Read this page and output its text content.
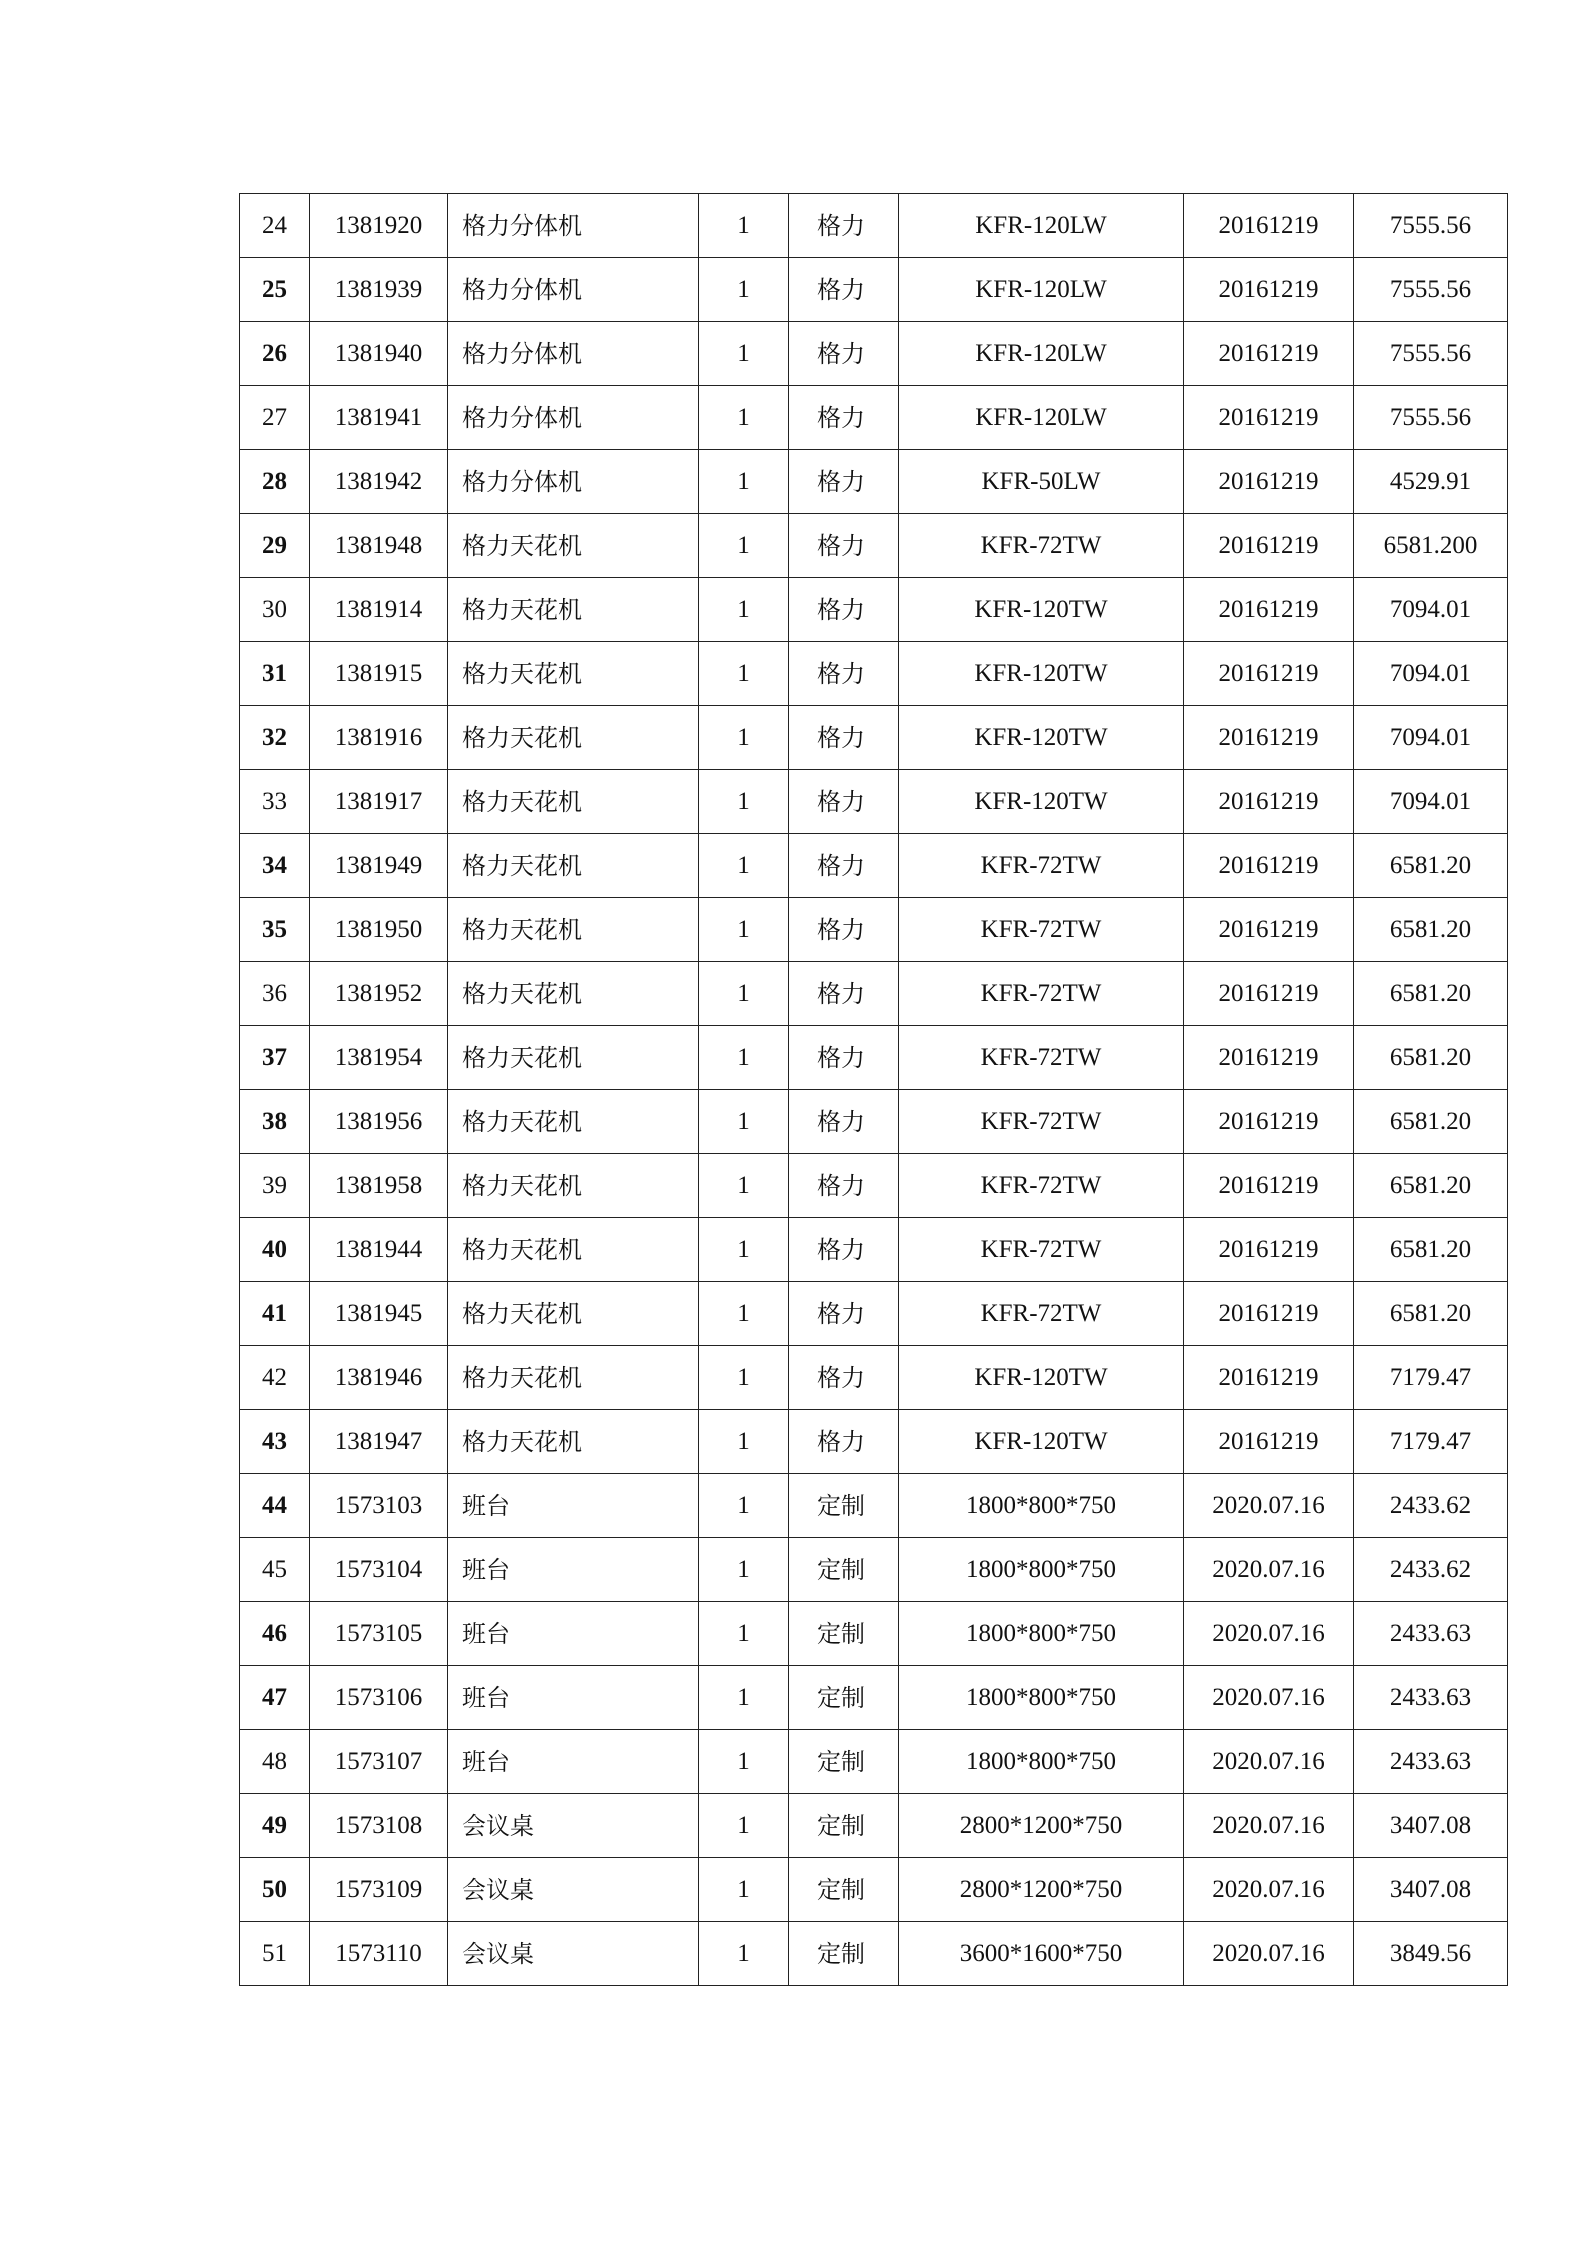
24	1381920	格力分体机	1	格力	KFR-120LW	20161219	7555.56
25	1381939	格力分体机	1	格力	KFR-120LW	20161219	7555.56
26	1381940	格力分体机	1	格力	KFR-120LW	20161219	7555.56
27	1381941	格力分体机	1	格力	KFR-120LW	20161219	7555.56
28	1381942	格力分体机	1	格力	KFR-50LW	20161219	4529.91
29	1381948	格力天花机	1	格力	KFR-72TW	20161219	6581.200
30	1381914	格力天花机	1	格力	KFR-120TW	20161219	7094.01
31	1381915	格力天花机	1	格力	KFR-120TW	20161219	7094.01
32	1381916	格力天花机	1	格力	KFR-120TW	20161219	7094.01
33	1381917	格力天花机	1	格力	KFR-120TW	20161219	7094.01
34	1381949	格力天花机	1	格力	KFR-72TW	20161219	6581.20
35	1381950	格力天花机	1	格力	KFR-72TW	20161219	6581.20
36	1381952	格力天花机	1	格力	KFR-72TW	20161219	6581.20
37	1381954	格力天花机	1	格力	KFR-72TW	20161219	6581.20
38	1381956	格力天花机	1	格力	KFR-72TW	20161219	6581.20
39	1381958	格力天花机	1	格力	KFR-72TW	20161219	6581.20
40	1381944	格力天花机	1	格力	KFR-72TW	20161219	6581.20
41	1381945	格力天花机	1	格力	KFR-72TW	20161219	6581.20
42	1381946	格力天花机	1	格力	KFR-120TW	20161219	7179.47
43	1381947	格力天花机	1	格力	KFR-120TW	20161219	7179.47
44	1573103	班台	1	定制	1800*800*750	2020.07.16	2433.62
45	1573104	班台	1	定制	1800*800*750	2020.07.16	2433.62
46	1573105	班台	1	定制	1800*800*750	2020.07.16	2433.63
47	1573106	班台	1	定制	1800*800*750	2020.07.16	2433.63
48	1573107	班台	1	定制	1800*800*750	2020.07.16	2433.63
49	1573108	会议桌	1	定制	2800*1200*750	2020.07.16	3407.08
50	1573109	会议桌	1	定制	2800*1200*750	2020.07.16	3407.08
51	1573110	会议桌	1	定制	3600*1600*750	2020.07.16	3849.56
